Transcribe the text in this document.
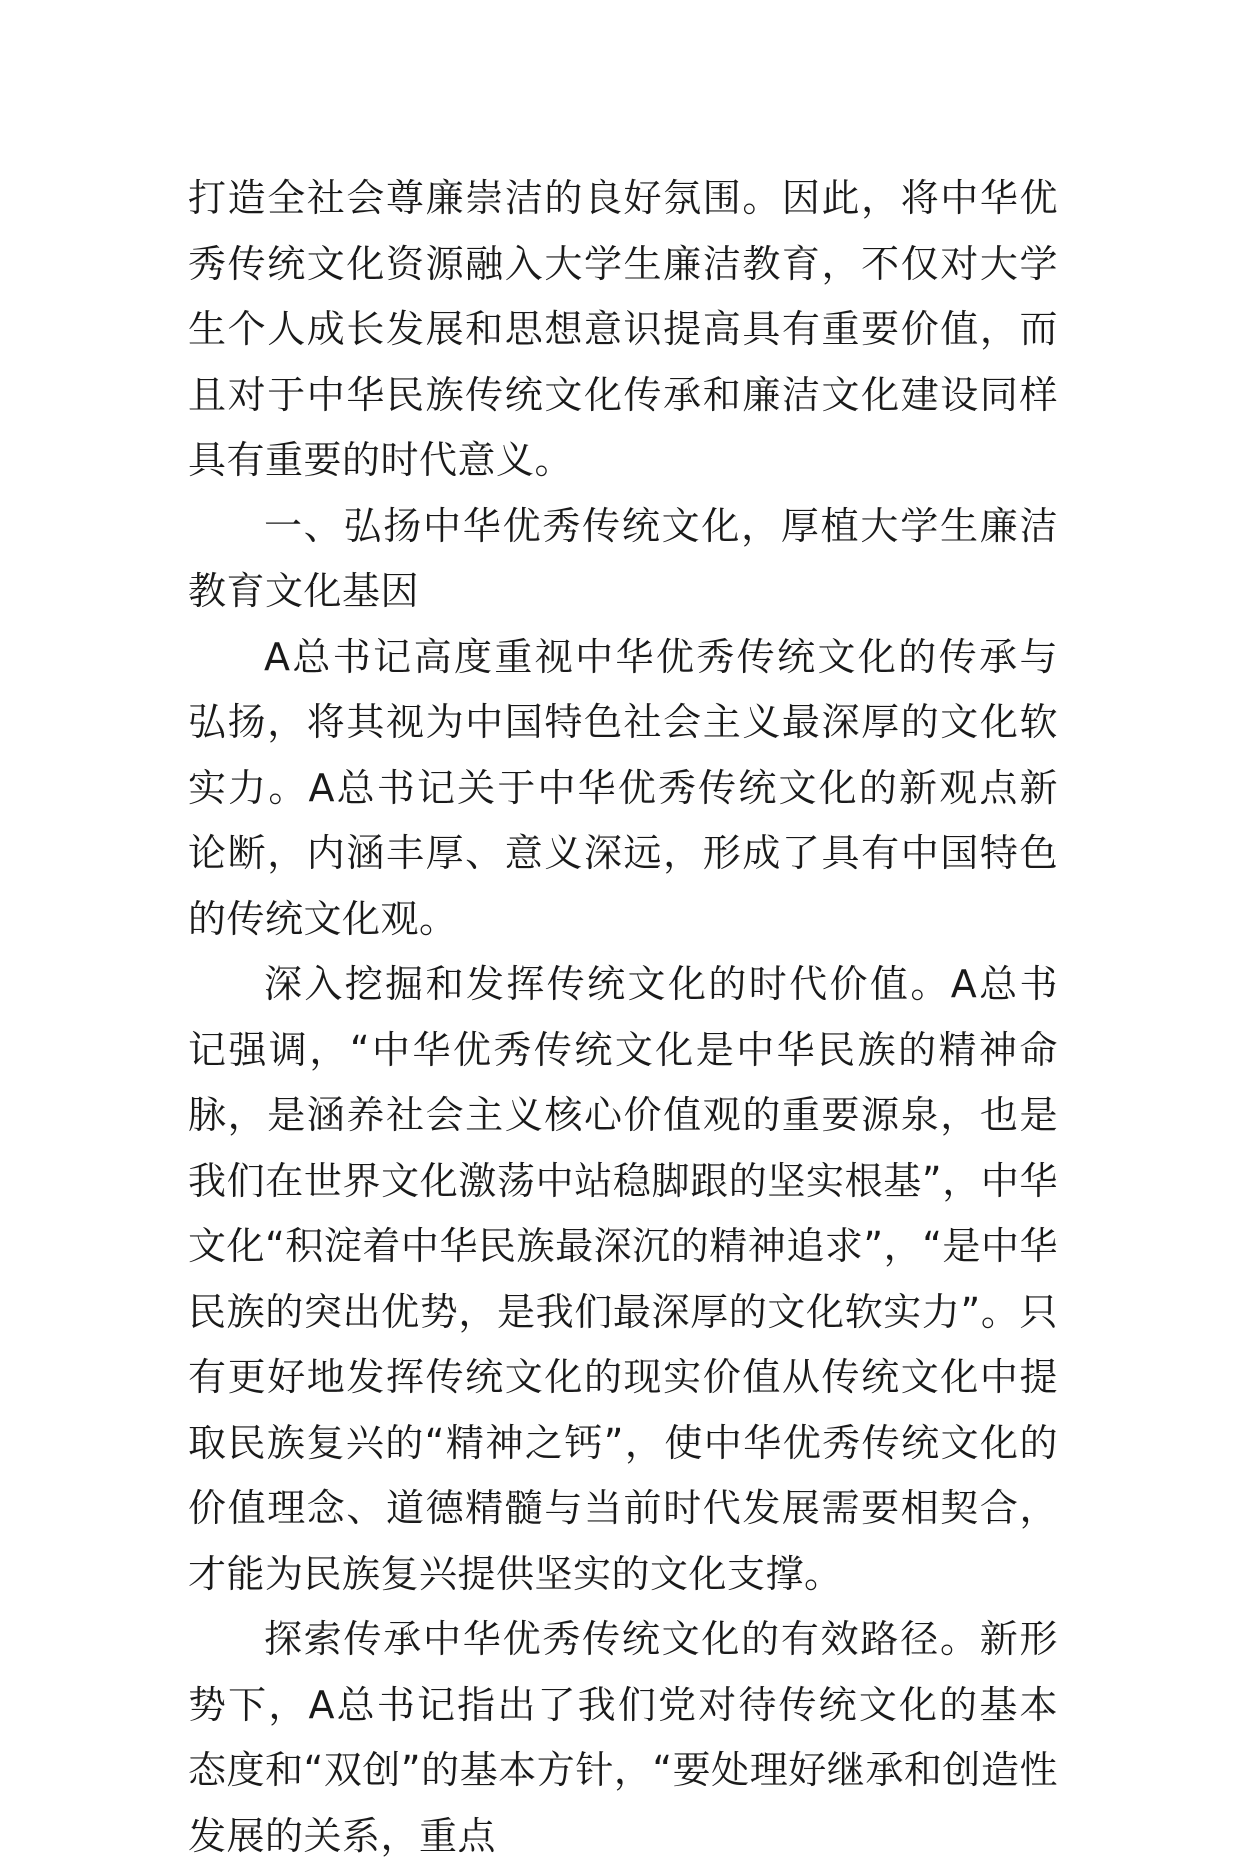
打造全社会尊廉崇洁的良好氛围。因此，将中华优秀传统文化资源融入大学生廉洁教育，不仅对大学生个人成长发展和思想意识提高具有重要价值，而且对于中华民族传统文化传承和廉洁文化建设同样具有重要的时代意义。

一、弘扬中华优秀传统文化，厚植大学生廉洁教育文化基因

A总书记高度重视中华优秀传统文化的传承与弘扬，将其视为中国特色社会主义最深厚的文化软实力。A总书记关于中华优秀传统文化的新观点新论断，内涵丰厚、意义深远，形成了具有中国特色的传统文化观。

深入挖掘和发挥传统文化的时代价值。A总书记强调，“中华优秀传统文化是中华民族的精神命脉，是涵养社会主义核心价值观的重要源泉，也是我们在世界文化激荡中站稳脚跟的坚实根基”，中华文化“积淀着中华民族最深沉的精神追求”，“是中华民族的突出优势，是我们最深厚的文化软实力”。只有更好地发挥传统文化的现实价值从传统文化中提取民族复兴的“精神之钙”，使中华优秀传统文化的价值理念、道德精髓与当前时代发展需要相契合，才能为民族复兴提供坚实的文化支撑。

探索传承中华优秀传统文化的有效路径。新形势下，A总书记指出了我们党对待传统文化的基本态度和“双创”的基本方针，“要处理好继承和创造性发展的关系，重点
